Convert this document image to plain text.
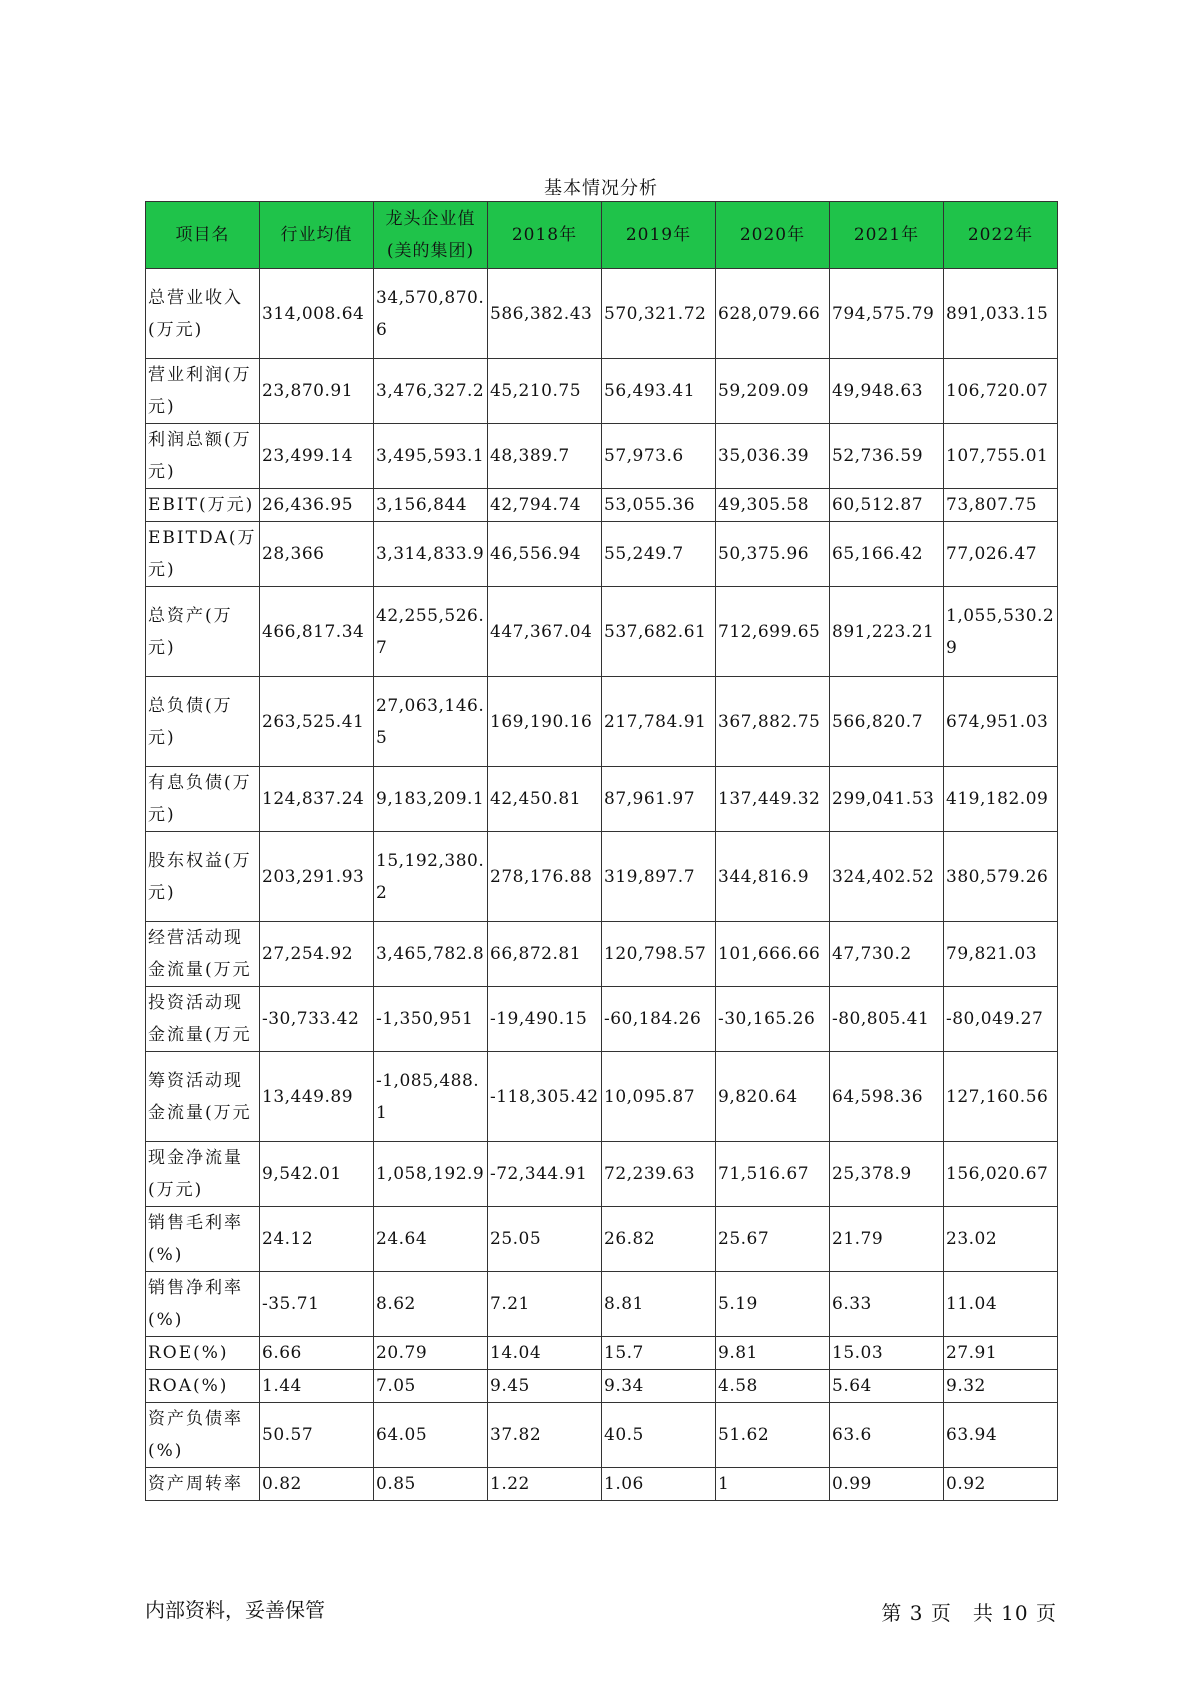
基本情况分析
项目名	行业均值	龙头企业值(美的集团)	2018年	2019年	2020年	2021年	2022年
总营业收入(万元)	314,008.64	34,570,870.6	586,382.43	570,321.72	628,079.66	794,575.79	891,033.15
营业利润(万元)	23,870.91	3,476,327.2	45,210.75	56,493.41	59,209.09	49,948.63	106,720.07
利润总额(万元)	23,499.14	3,495,593.1	48,389.7	57,973.6	35,036.39	52,736.59	107,755.01
EBIT(万元)	26,436.95	3,156,844	42,794.74	53,055.36	49,305.58	60,512.87	73,807.75
EBITDA(万元)	28,366	3,314,833.9	46,556.94	55,249.7	50,375.96	65,166.42	77,026.47
总资产(万元)	466,817.34	42,255,526.7	447,367.04	537,682.61	712,699.65	891,223.21	1,055,530.29
总负债(万元)	263,525.41	27,063,146.5	169,190.16	217,784.91	367,882.75	566,820.7	674,951.03
有息负债(万元)	124,837.24	9,183,209.1	42,450.81	87,961.97	137,449.32	299,041.53	419,182.09
股东权益(万元)	203,291.93	15,192,380.2	278,176.88	319,897.7	344,816.9	324,402.52	380,579.26
经营活动现金流量(万元	27,254.92	3,465,782.8	66,872.81	120,798.57	101,666.66	47,730.2	79,821.03
投资活动现金流量(万元	-30,733.42	-1,350,951	-19,490.15	-60,184.26	-30,165.26	-80,805.41	-80,049.27
筹资活动现金流量(万元	13,449.89	-1,085,488.1	-118,305.42	10,095.87	9,820.64	64,598.36	127,160.56
现金净流量(万元)	9,542.01	1,058,192.9	-72,344.91	72,239.63	71,516.67	25,378.9	156,020.67
销售毛利率(%)	24.12	24.64	25.05	26.82	25.67	21.79	23.02
销售净利率(%)	-35.71	8.62	7.21	8.81	5.19	6.33	11.04
ROE(%)	6.66	20.79	14.04	15.7	9.81	15.03	27.91
ROA(%)	1.44	7.05	9.45	9.34	4.58	5.64	9.32
资产负债率(%)	50.57	64.05	37.82	40.5	51.62	63.6	63.94
资产周转率	0.82	0.85	1.22	1.06	1	0.99	0.92
内部资料，妥善保管	第 3 页　共 10 页
